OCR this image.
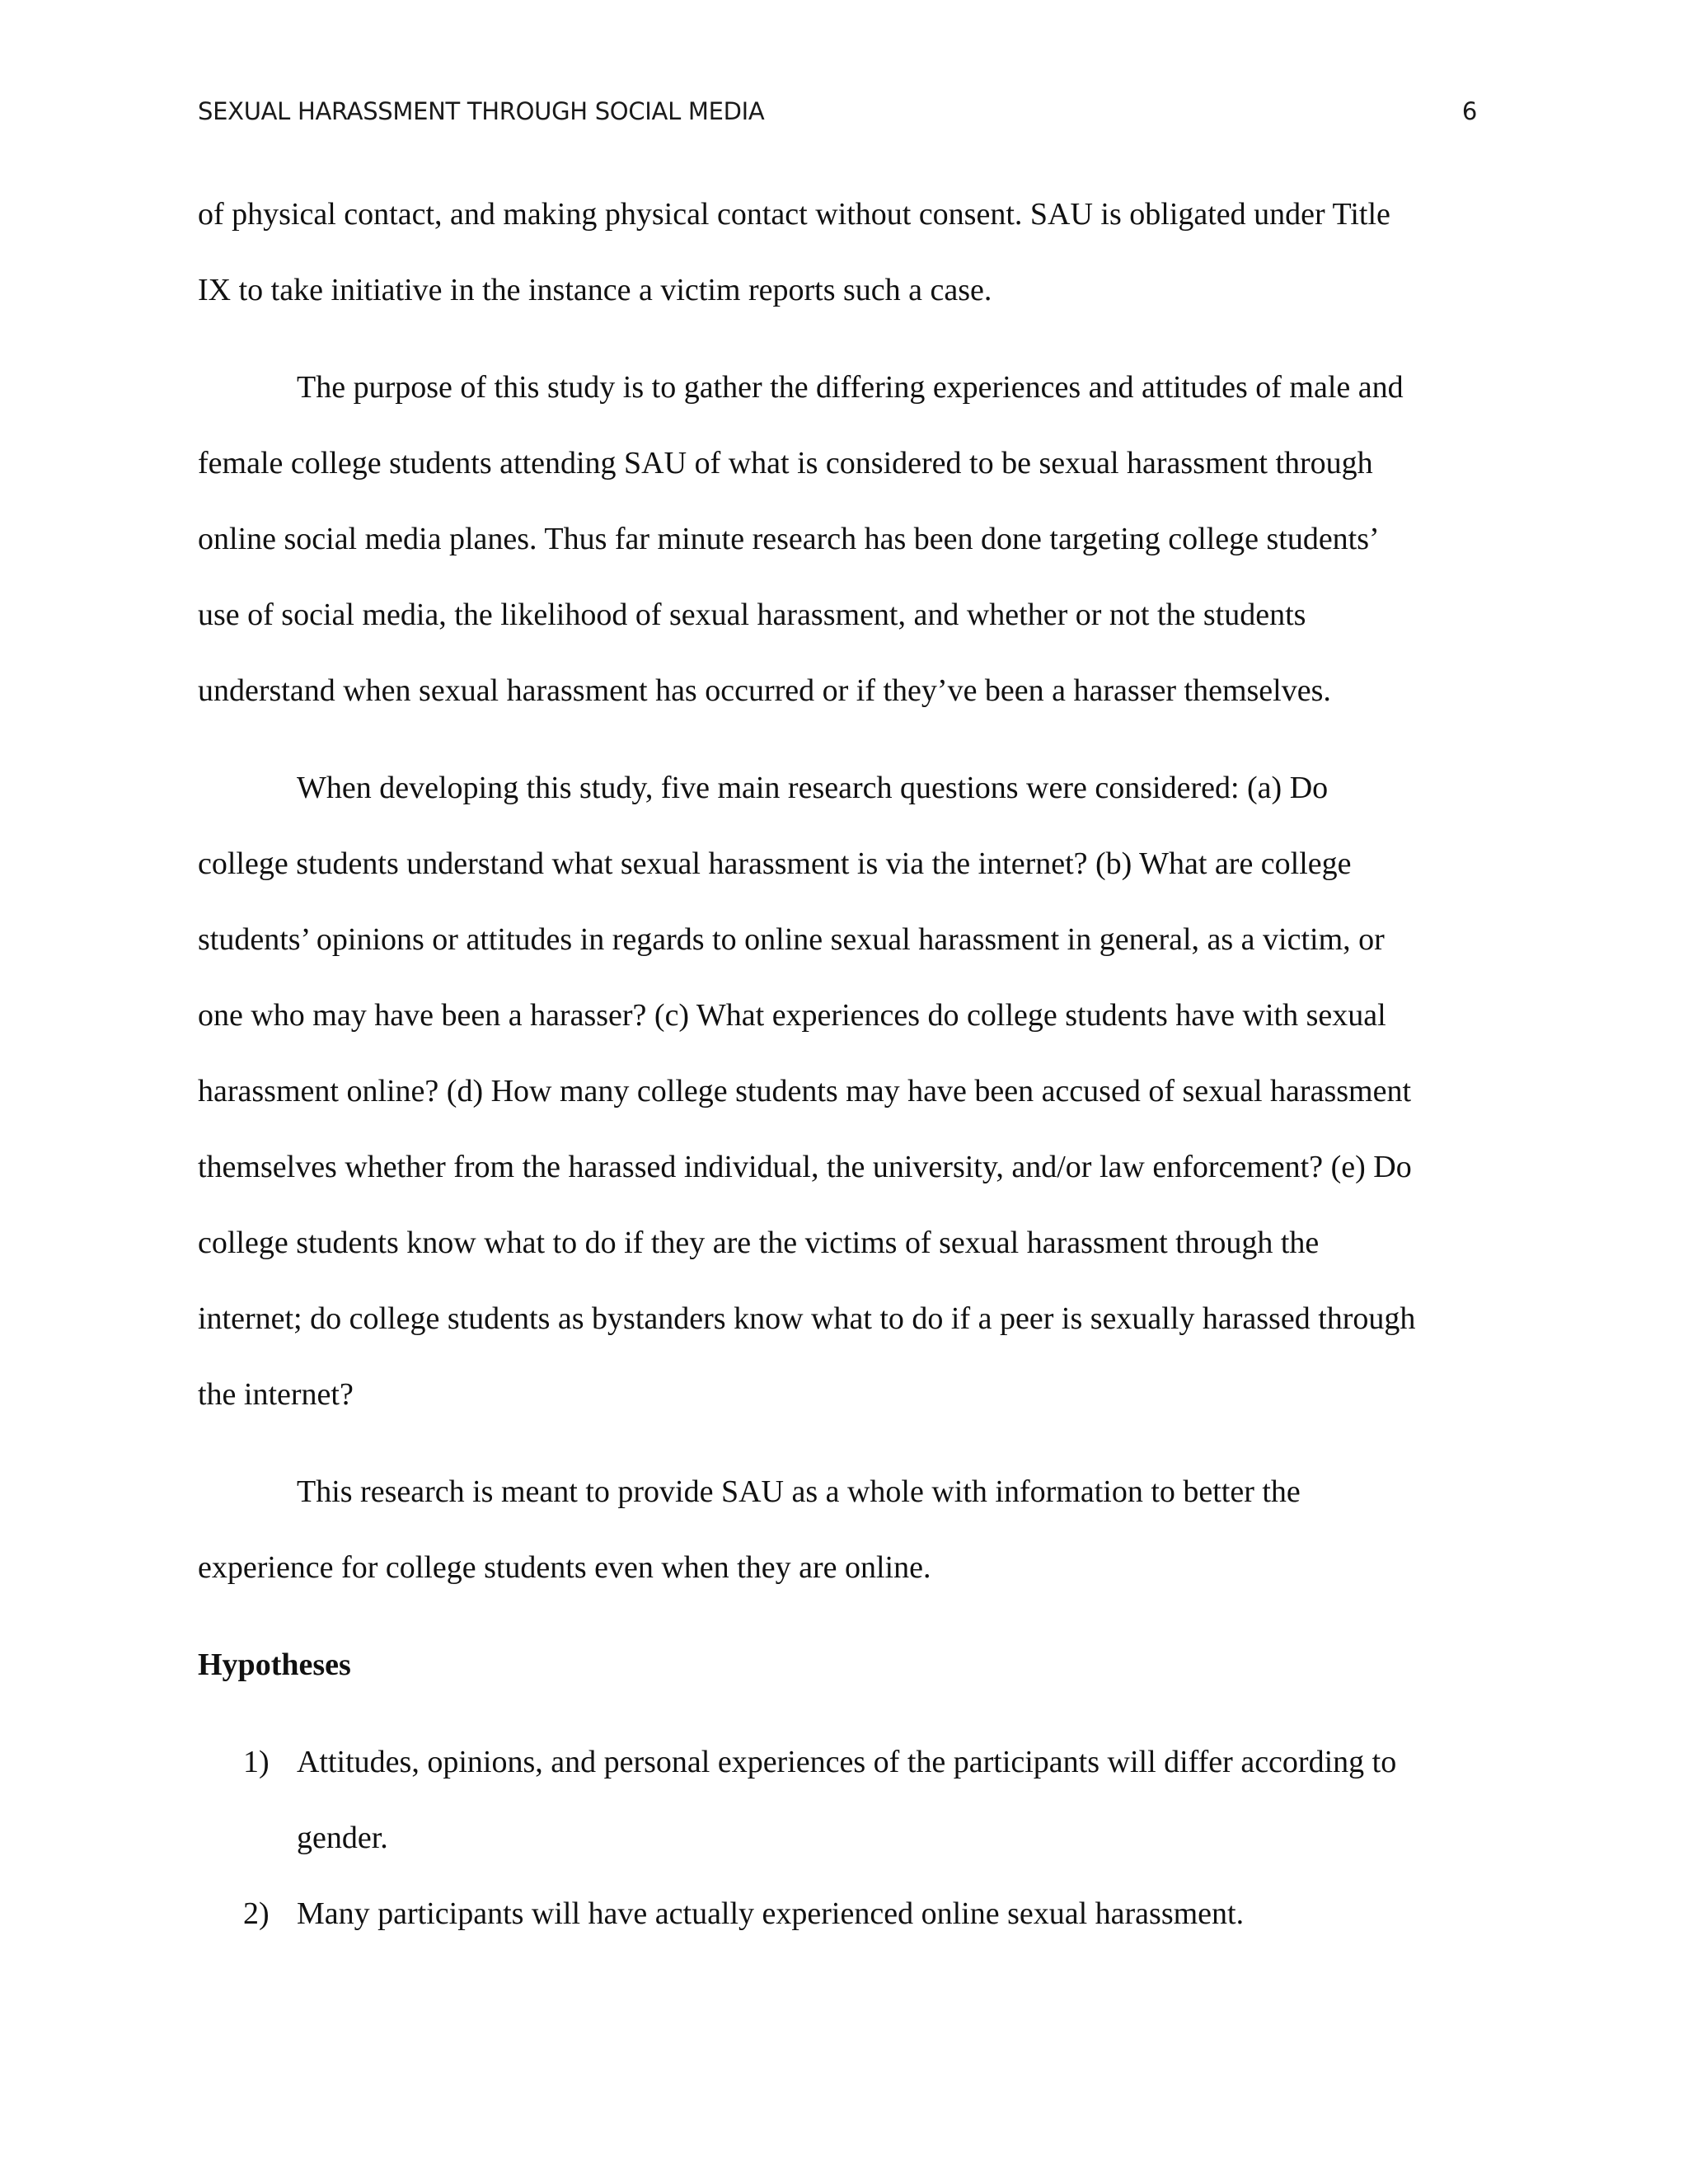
SEXUAL HARASSMENT THROUGH SOCIAL MEDIA	6
of physical contact, and making physical contact without consent. SAU is obligated under Title
IX to take initiative in the instance a victim reports such a case.
The purpose of this study is to gather the differing experiences and attitudes of male and
female college students attending SAU of what is considered to be sexual harassment through
online social media planes. Thus far minute research has been done targeting college students’
use of social media, the likelihood of sexual harassment, and whether or not the students
understand when sexual harassment has occurred or if they’ve been a harasser themselves.
When developing this study, five main research questions were considered: (a) Do
college students understand what sexual harassment is via the internet? (b) What are college
students’ opinions or attitudes in regards to online sexual harassment in general, as a victim, or
one who may have been a harasser? (c) What experiences do college students have with sexual
harassment online? (d) How many college students may have been accused of sexual harassment
themselves whether from the harassed individual, the university, and/or law enforcement? (e) Do
college students know what to do if they are the victims of sexual harassment through the
internet; do college students as bystanders know what to do if a peer is sexually harassed through
the internet?
This research is meant to provide SAU as a whole with information to better the
experience for college students even when they are online.
Hypotheses
1) Attitudes, opinions, and personal experiences of the participants will differ according to
gender.
2) Many participants will have actually experienced online sexual harassment.
